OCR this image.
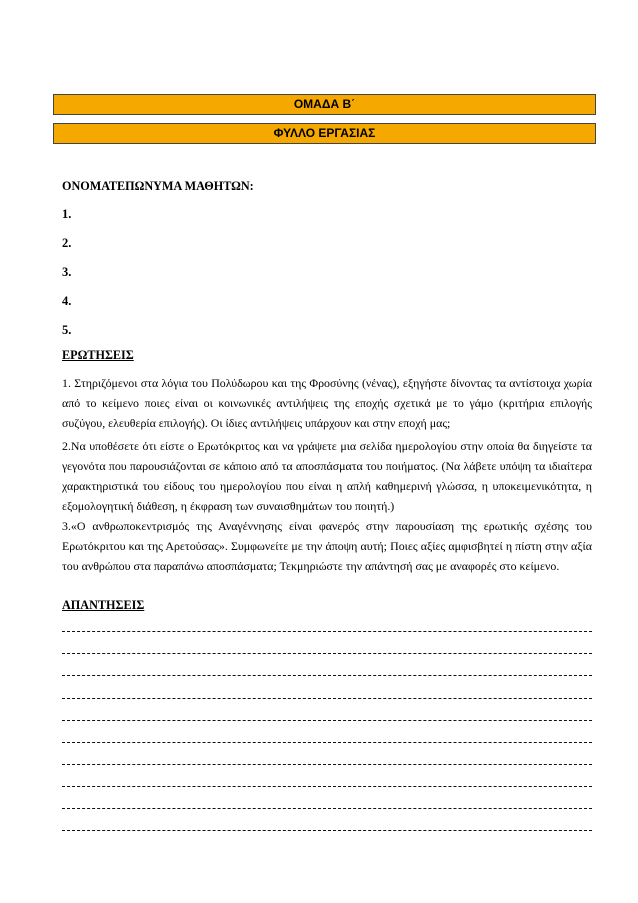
ΟΜΑΔΑ Β΄
ΦΥΛΛΟ ΕΡΓΑΣΙΑΣ
ΟΝΟΜΑΤΕΠΩΝΥΜΑ ΜΑΘΗΤΩΝ:
1.
2.
3.
4.
5.
ΕΡΩΤΗΣΕΙΣ
1. Στηριζόμενοι στα λόγια του Πολύδωρου και της Φροσύνης (νένας), εξηγήστε δίνοντας τα αντίστοιχα χωρία από το κείμενο ποιες είναι οι κοινωνικές αντιλήψεις της εποχής σχετικά με το γάμο (κριτήρια επιλογής συζύγου, ελευθερία επιλογής). Οι ίδιες αντιλήψεις υπάρχουν και στην εποχή μας;
2.Να υποθέσετε ότι είστε ο Ερωτόκριτος και να γράψετε μια σελίδα ημερολογίου στην οποία θα διηγείστε τα γεγονότα που παρουσιάζονται σε κάποιο από τα αποσπάσματα του ποιήματος. (Να λάβετε υπόψη τα ιδιαίτερα χαρακτηριστικά του είδους του ημερολογίου που είναι η απλή καθημερινή γλώσσα, η υποκειμενικότητα, η εξομολογητική διάθεση, η έκφραση των συναισθημάτων του ποιητή.)
3.«Ο ανθρωποκεντρισμός της Αναγέννησης είναι φανερός στην παρουσίαση της ερωτικής σχέσης του Ερωτόκριτου και της Αρετούσας». Συμφωνείτε με την άποψη αυτή; Ποιες αξίες αμφισβητεί η πίστη στην αξία του ανθρώπου στα παραπάνω αποσπάσματα; Τεκμηριώστε την απάντησή σας με αναφορές στο κείμενο.
ΑΠΑΝΤΗΣΕΙΣ
